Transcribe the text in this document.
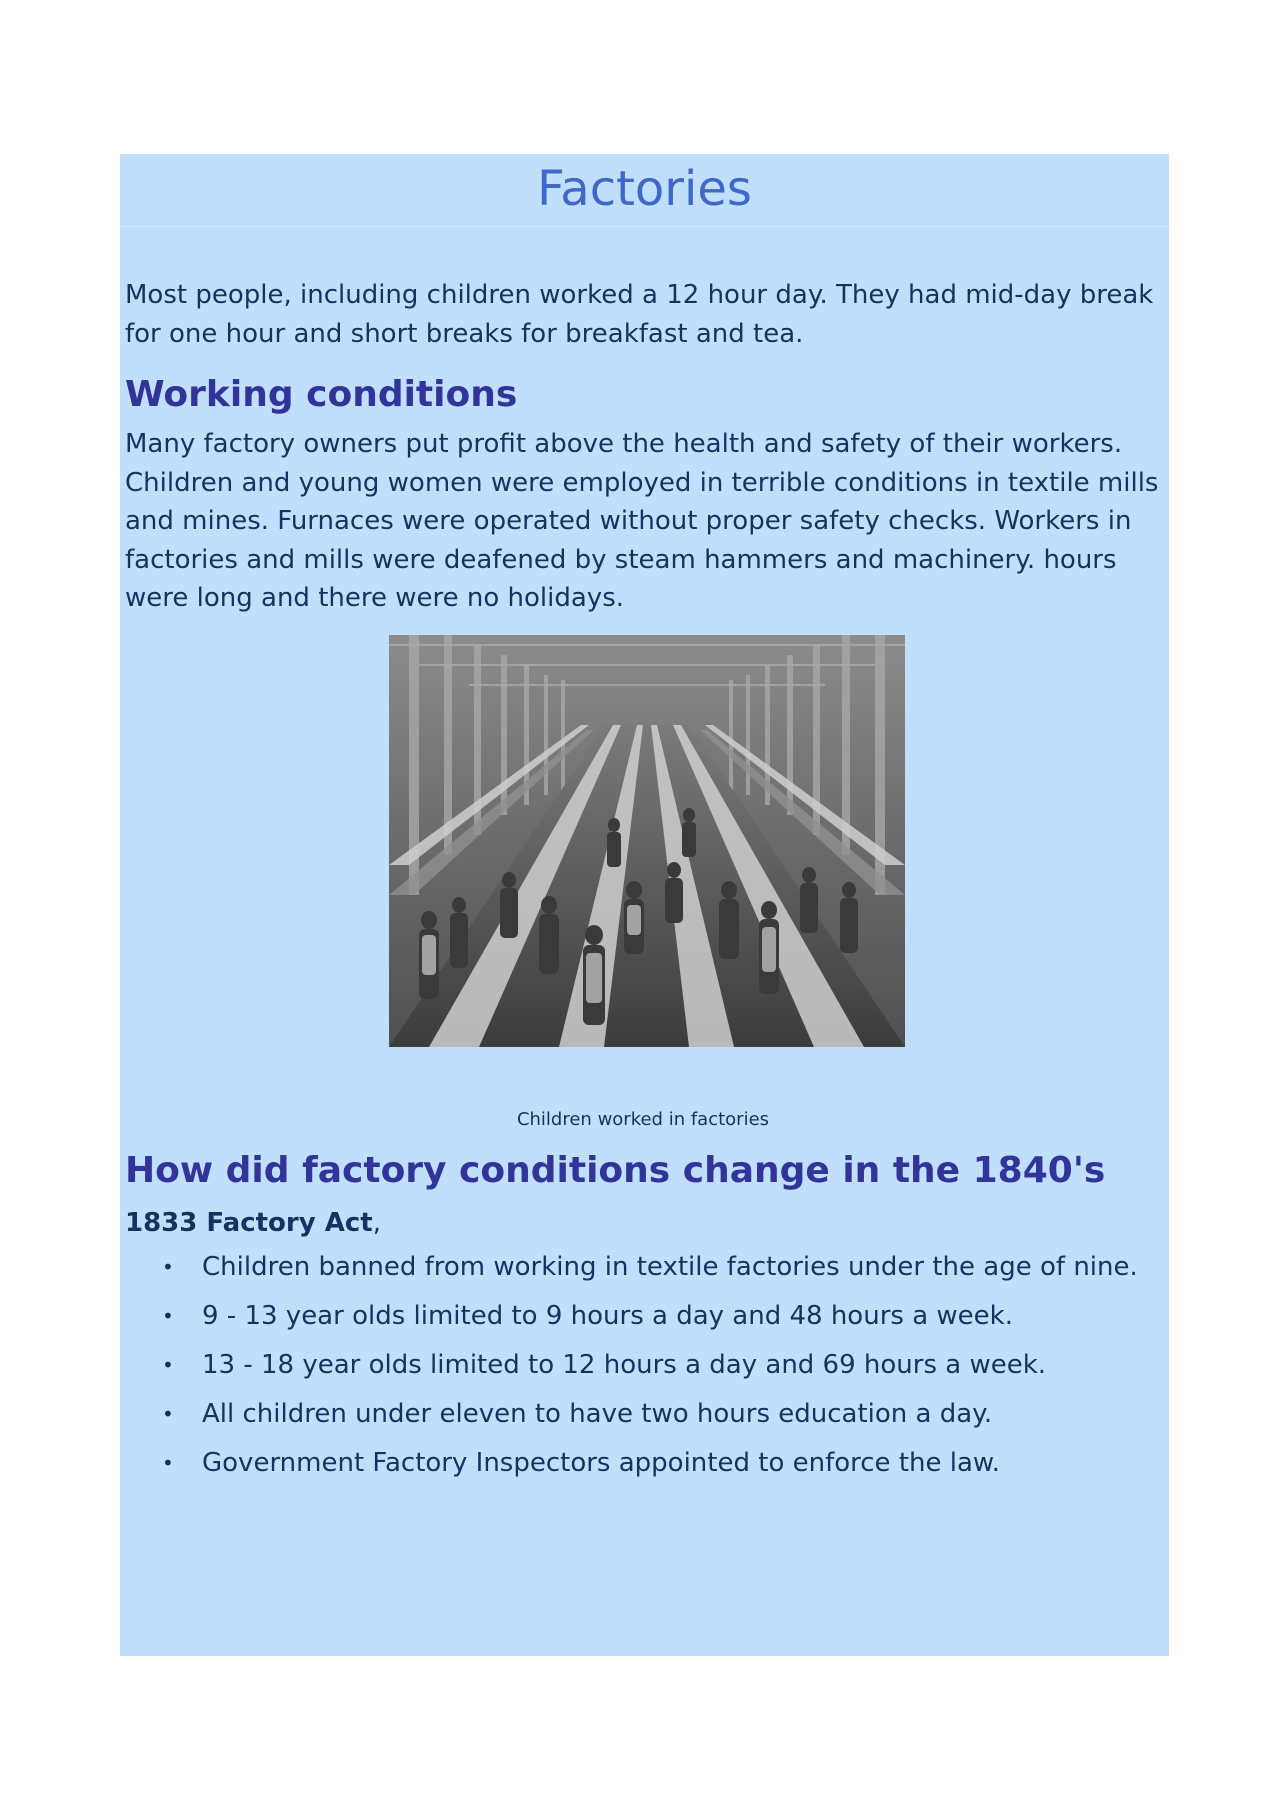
Factories

Most people, including children worked a 12 hour day. They had mid-day break for one hour and short breaks for breakfast and tea.

Working conditions

Many factory owners put profit above the health and safety of their workers. Children and young women were employed in terrible conditions in textile mills and mines. Furnaces were operated without proper safety checks. Workers in factories and mills were deafened by steam hammers and machinery. hours were long and there were no holidays.

Children worked in factories

How did factory conditions change in the 1840's

1833 Factory Act,

• Children banned from working in textile factories under the age of nine.
• 9 - 13 year olds limited to 9 hours a day and 48 hours a week.
• 13 - 18 year olds limited to 12 hours a day and 69 hours a week.
• All children under eleven to have two hours education a day.
• Government Factory Inspectors appointed to enforce the law.
